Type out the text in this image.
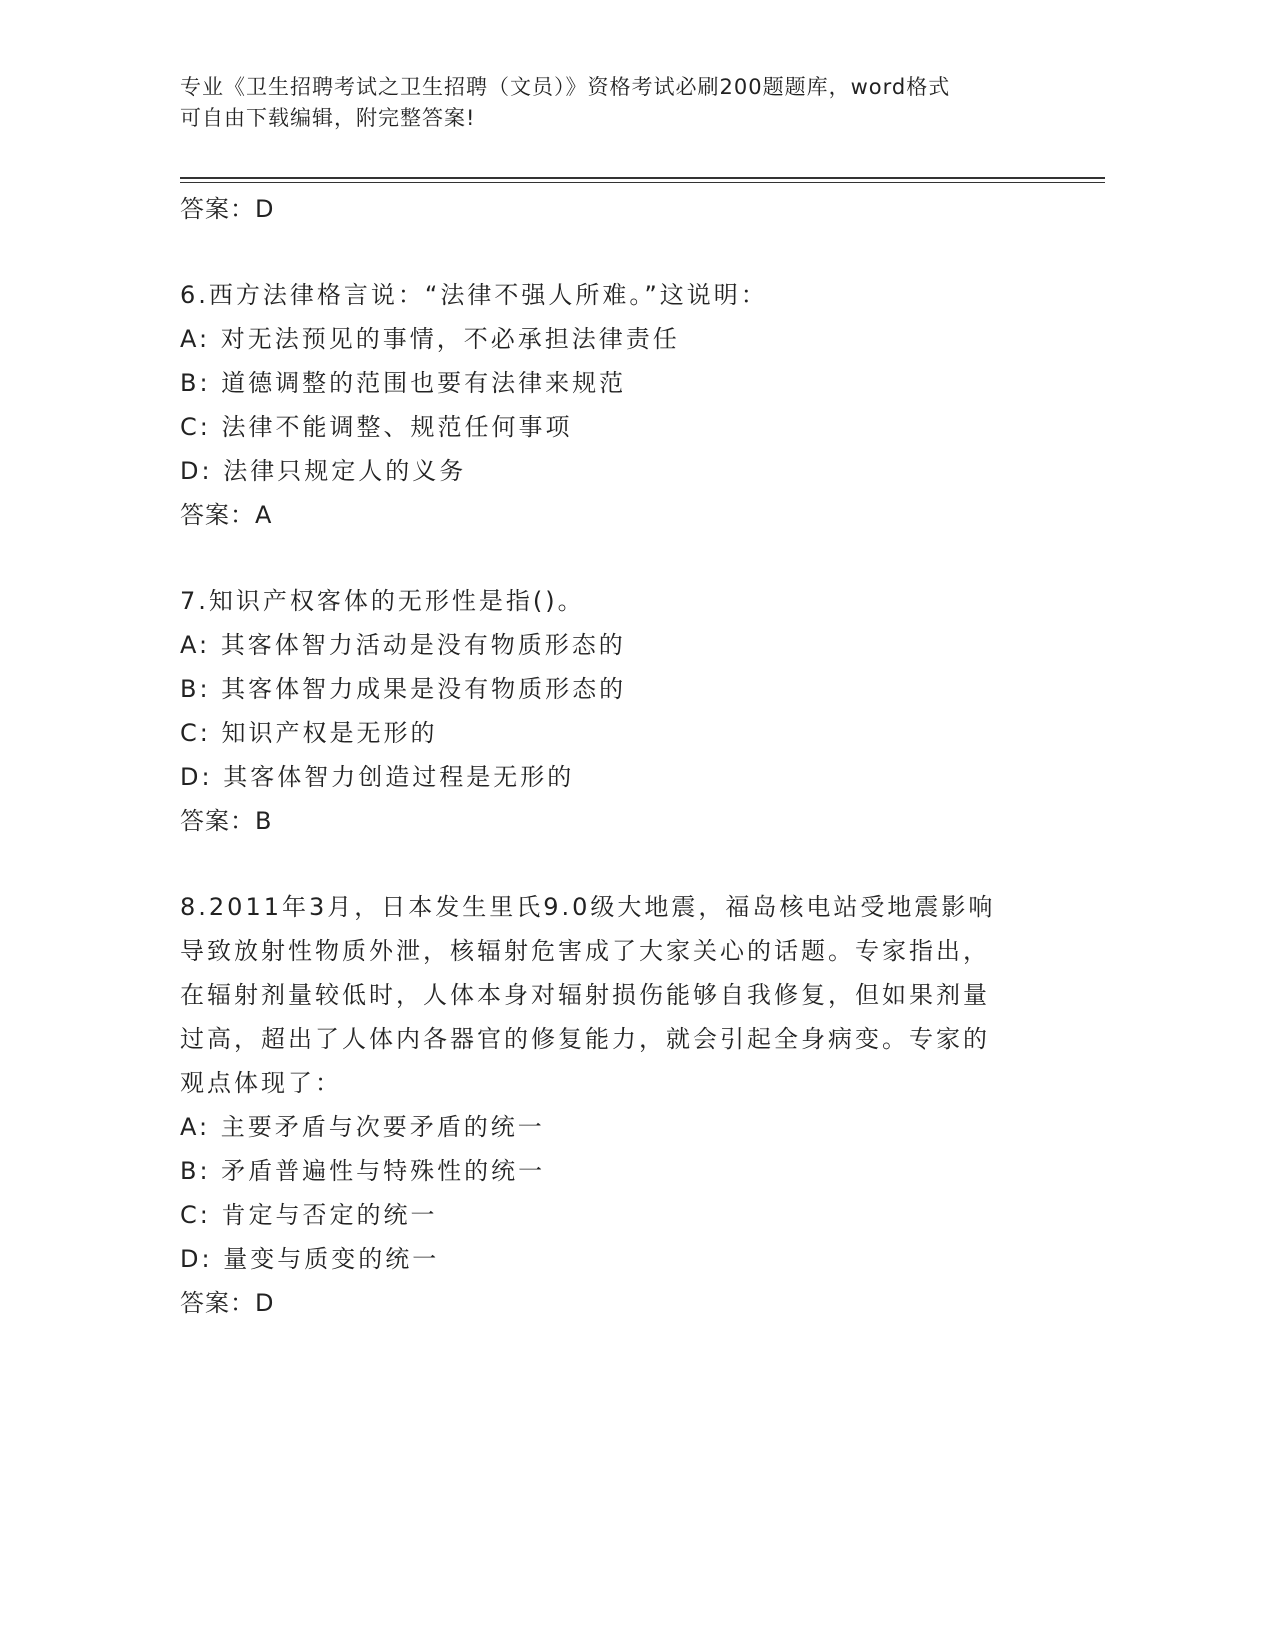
专业《卫生招聘考试之卫生招聘（文员）》资格考试必刷200题题库，word格式
可自由下载编辑，附完整答案!
答案：D
6.西方法律格言说：“法律不强人所难。”这说明：
A: 对无法预见的事情，不必承担法律责任
B: 道德调整的范围也要有法律来规范
C: 法律不能调整、规范任何事项
D: 法律只规定人的义务
答案：A
7.知识产权客体的无形性是指()。
A: 其客体智力活动是没有物质形态的
B: 其客体智力成果是没有物质形态的
C: 知识产权是无形的
D: 其客体智力创造过程是无形的
答案：B
8.2011年3月，日本发生里氏9.0级大地震，福岛核电站受地震影响
导致放射性物质外泄，核辐射危害成了大家关心的话题。专家指出，
在辐射剂量较低时，人体本身对辐射损伤能够自我修复，但如果剂量
过高，超出了人体内各器官的修复能力，就会引起全身病变。专家的
观点体现了：
A: 主要矛盾与次要矛盾的统一
B: 矛盾普遍性与特殊性的统一
C: 肯定与否定的统一
D: 量变与质变的统一
答案：D
